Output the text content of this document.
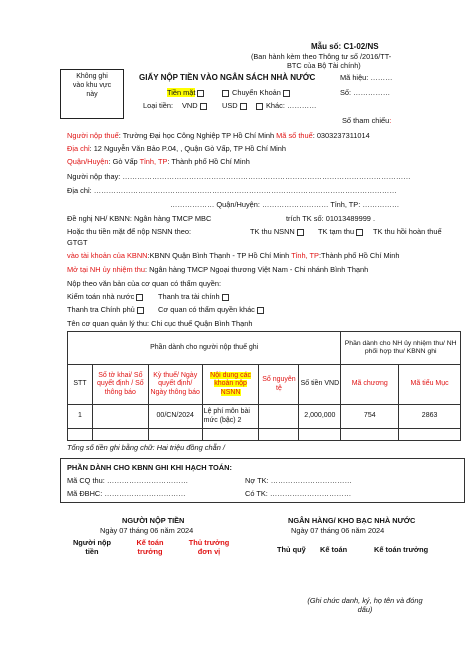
Mẫu số: C1-02/NS
(Ban hành kèm theo Thông tư số /2016/TT-
BTC của Bộ Tài chính)
Không ghi
vào khu vực
này
GIẤY NỘP TIỀN VÀO NGÂN SÁCH NHÀ NƯỚC	Mã hiệu: ………
Tiền mặt	Chuyển Khoản	Số: ……………
Loại tiền: VND	USD	Khác: …………
Số tham chiếu:
Người nộp thuế: Trường Đại học Công Nghiệp TP Hồ Chí Minh Mã số thuế: 0303237311014
Địa chỉ: 12 Nguyễn Văn Bảo P.04, , Quận Gò Vấp, TP Hồ Chí Minh
Quận/Huyện: Gò Vấp Tỉnh, TP: Thành phố Hồ Chí Minh
Người nộp thay: ………………………………………………………………………………………………………
Địa chỉ: ……………………………………………………………………………………………………………
……………… Quận/Huyện: ……………………… Tỉnh, TP: ……………
Đề nghị NH/ KBNN: Ngân hàng TMCP MBC	trích TK số: 01013489999 .
Hoặc thu tiền mặt để nộp NSNN theo:	TK thu NSNN	TK tạm thu	TK thu hồi hoàn thuế
GTGT
vào tài khoản của KBNN:KBNN Quận Bình Thạnh - TP Hồ Chí Minh Tỉnh, TP:Thành phố Hồ Chí Minh
Mở tại NH ủy nhiệm thu: Ngân hàng TMCP Ngoại thương Việt Nam - Chi nhánh Bình Thạnh
Nộp theo văn bản của cơ quan có thẩm quyền:
Kiểm toán nhà nước	Thanh tra tài chính
Thanh tra Chính phủ	Cơ quan có thẩm quyền khác
Tên cơ quan quản lý thu: Chi cục thuế Quận Bình Thạnh
Phần dành cho người nộp thuế ghi						Phần dành cho NH ủy nhiệm thu/ NH phối hợp thu/ KBNN ghi	
STT	Số tờ khai/ Số quyết định / Số thông báo	Kỳ thuế/ Ngày quyết định/ Ngày thông báo	Nội dung các khoản nộp NSNN	Số nguyên tệ	Số tiền VND	Mã chương	Mã tiểu Mục
1		00/CN/2024	Lệ phí môn bài mức (bậc) 2		2,000,000	754	2863

Tổng số tiền ghi bằng chữ: Hai triệu đồng chẵn /
PHẦN DÀNH CHO KBNN GHI KHI HẠCH TOÁN:
Mã CQ thu: ……………………………	Nợ TK: ……………………………
Mã ĐBHC: ……………………………	Có TK: ……………………………
NGƯỜI NỘP TIỀN
Ngày 07 tháng 06 năm 2024
Người nộp tiền
Kế toán trưởng
Thủ trưởng đơn vị
NGÂN HÀNG/ KHO BẠC NHÀ NƯỚC
Ngày 07 tháng 06 năm 2024
Thủ quỹ Kế toán	Kế toán trưởng
(Ghi chức danh, ký, họ tên và đóng dấu)
